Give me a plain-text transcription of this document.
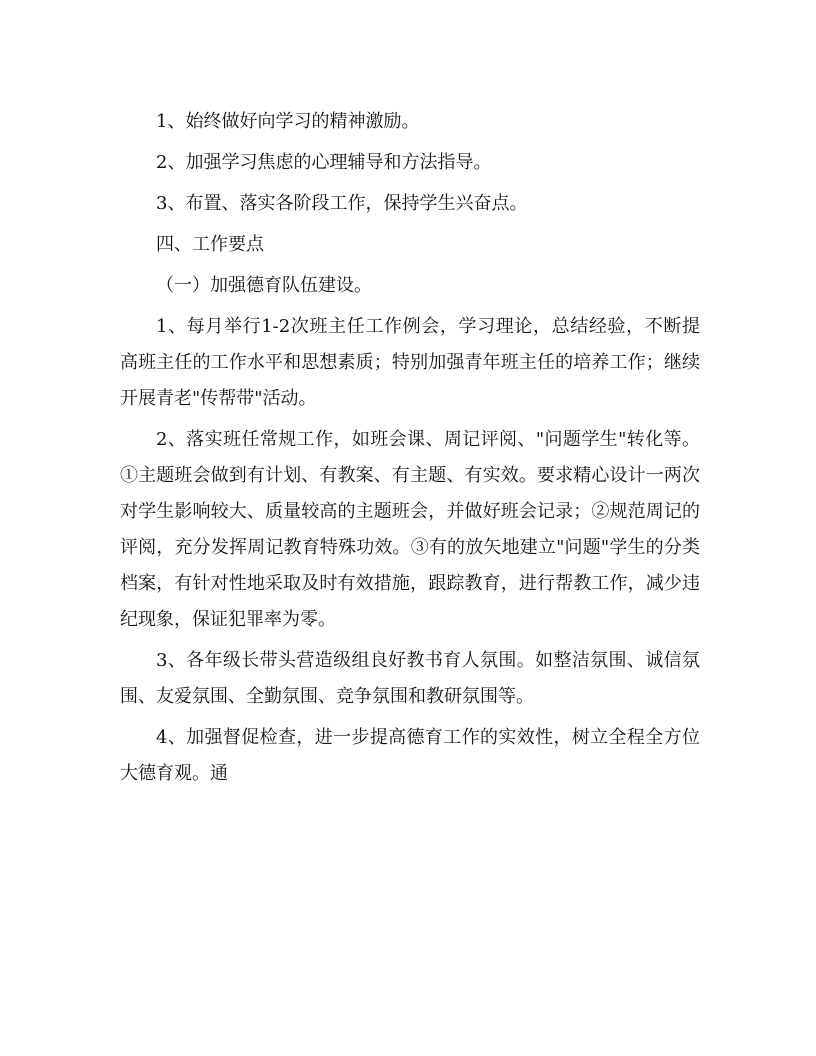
1、始终做好向学习的精神激励。

2、加强学习焦虑的心理辅导和方法指导。

3、布置、落实各阶段工作，保持学生兴奋点。

四、工作要点

（一）加强德育队伍建设。

1、每月举行1-2次班主任工作例会，学习理论，总结经验，不断提高班主任的工作水平和思想素质；特别加强青年班主任的培养工作；继续开展青老"传帮带"活动。

2、落实班任常规工作，如班会课、周记评阅、"问题学生"转化等。①主题班会做到有计划、有教案、有主题、有实效。要求精心设计一两次对学生影响较大、质量较高的主题班会，并做好班会记录；②规范周记的评阅，充分发挥周记教育特殊功效。③有的放矢地建立"问题"学生的分类档案，有针对性地采取及时有效措施，跟踪教育，进行帮教工作，减少违纪现象，保证犯罪率为零。

3、各年级长带头营造级组良好教书育人氛围。如整洁氛围、诚信氛围、友爱氛围、全勤氛围、竞争氛围和教研氛围等。

4、加强督促检查，进一步提高德育工作的实效性，树立全程全方位大德育观。通
